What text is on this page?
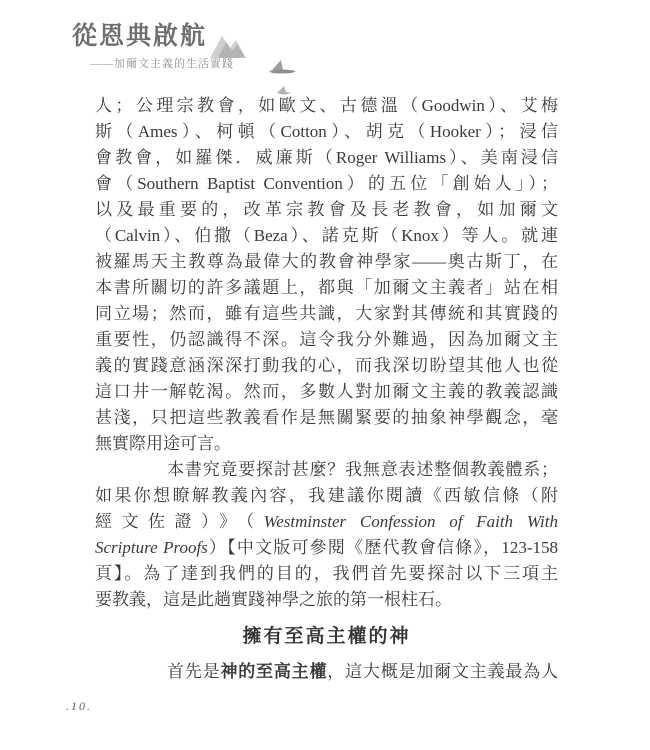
從恩典啟航
——加爾文主義的生活實踐
人；公理宗教會，如歐文、古德溫（Goodwin）、艾梅
斯（Ames）、柯頓（Cotton）、胡克（Hooker）；浸信
會教會，如羅傑．威廉斯（Roger Williams）、美南浸信
會（Southern Baptist Convention）的五位「創始人」）；
以及最重要的，改革宗教會及長老教會，如加爾文
（Calvin）、伯撒（Beza）、諾克斯（Knox）等人。就連
被羅馬天主教尊為最偉大的教會神學家——奧古斯丁，在
本書所關切的許多議題上，都與「加爾文主義者」站在相
同立場；然而，雖有這些共識，大家對其傳統和其實踐的
重要性，仍認識得不深。這令我分外難過，因為加爾文主
義的實踐意涵深深打動我的心，而我深切盼望其他人也從
這口井一解乾渴。然而，多數人對加爾文主義的教義認識
甚淺，只把這些教義看作是無關緊要的抽象神學觀念，毫
無實際用途可言。
本書究竟要探討甚麼？我無意表述整個教義體系；
如果你想瞭解教義內容，我建議你閱讀《西敏信條（附
經文佐證）》（Westminster Confession of Faith With
Scripture Proofs）【中文版可參閱《歷代教會信條》，123-158
頁】。為了達到我們的目的，我們首先要探討以下三項主
要教義，這是此趟實踐神學之旅的第一根柱石。
擁有至高主權的神
首先是神的至高主權，這大概是加爾文主義最為人
.10.
